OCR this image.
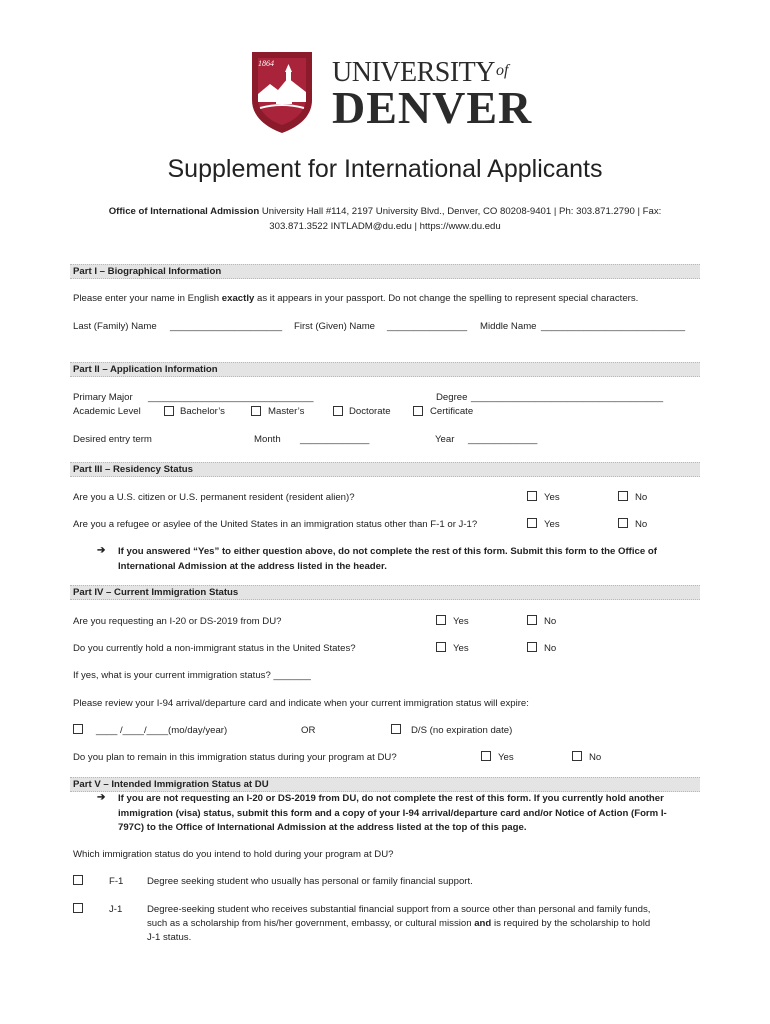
1864 UNIVERSITY of
DENVER
Supplement for International Applicants
Office of International Admission University Hall #114, 2197 University Blvd., Denver, CO 80208-9401 | Ph: 303.871.2790 | Fax:
303.871.3522 INTLADM@du.edu | https://www.du.edu
Part I – Biographical Information
Please enter your name in English exactly as it appears in your passport. Do not change the spelling to represent special characters.
Last (Family) Name _____________________ First (Given) Name _______________ Middle Name ___________________________
Part II – Application Information
Primary Major _______________________________	Degree ____________________________________
Academic Level	Bachelor’s	Master’s	Doctorate	Certificate
Desired entry term	Month _____________	Year _____________
Part III – Residency Status
Are you a U.S. citizen or U.S. permanent resident (resident alien)?	Yes	No
Are you a refugee or asylee of the United States in an immigration status other than F-1 or J-1?	Yes	No
➔ If you answered “Yes” to either question above, do not complete the rest of this form. Submit this form to the Office of
International Admission at the address listed in the header.
Part IV – Current Immigration Status
Are you requesting an I-20 or DS-2019 from DU?	Yes	No
Do you currently hold a non-immigrant status in the United States?	Yes	No
If yes, what is your current immigration status? _______
Please review your I-94 arrival/departure card and indicate when your current immigration status will expire:
____ /____/____(mo/day/year)	OR	D/S (no expiration date)
Do you plan to remain in this immigration status during your program at DU?	Yes	No
Part V – Intended Immigration Status at DU
➔ If you are not requesting an I-20 or DS-2019 from DU, do not complete the rest of this form. If you currently hold another
immigration (visa) status, submit this form and a copy of your I-94 arrival/departure card and/or Notice of Action (Form I-
797C) to the Office of International Admission at the address listed at the top of this page.
Which immigration status do you intend to hold during your program at DU?
F-1 Degree seeking student who usually has personal or family financial support.
J-1	Degree-seeking student who receives substantial financial support from a source other than personal and family funds,
such as a scholarship from his/her government, embassy, or cultural mission and is required by the scholarship to hold
J-1 status.
